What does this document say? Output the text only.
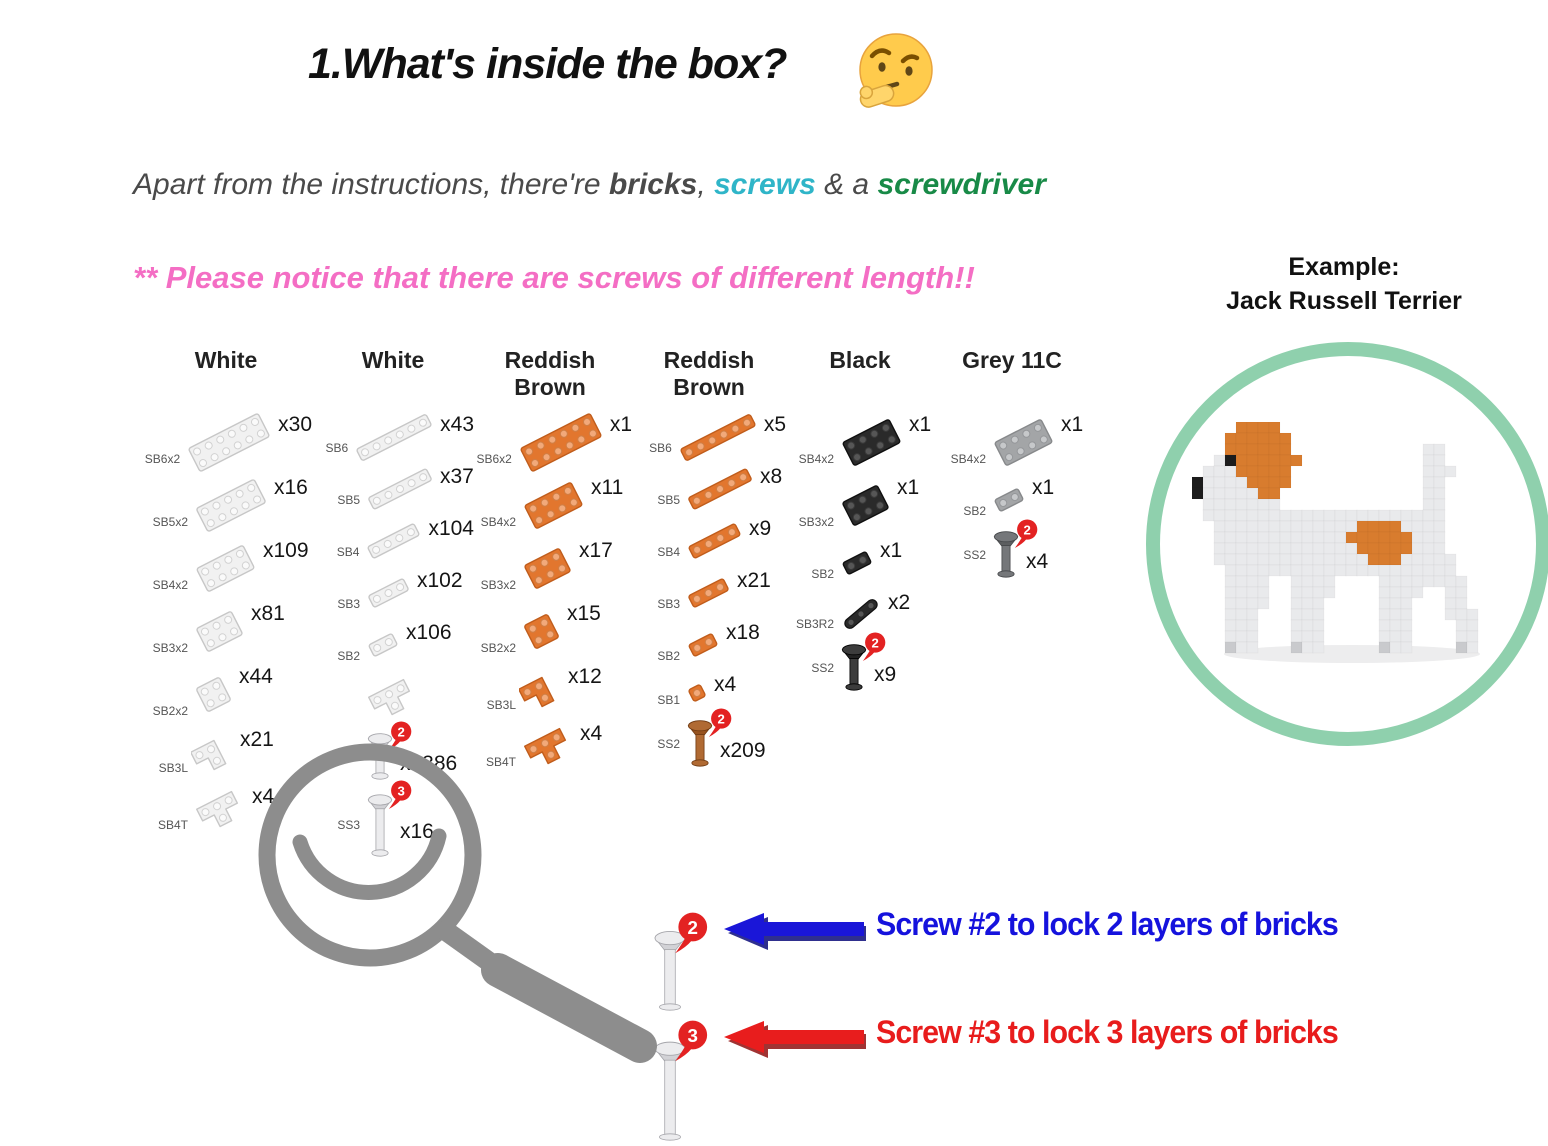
1.What's inside the box?
Apart from the instructions, there're bricks, screws & a screwdriver
** Please notice that there are screws of different length!!	Example:
Jack Russell Terrier
White
SB6x2
x30
SB5x2
x16
SB4x2
x109
SB3x2
x81
SB2x2
x44
SB3L
x21
SB4T
x4
White
SB6
x43
SB5
x37
SB4
x104
SB3
x102
SB2
x106
SS2
2
x1386
SS3
3
x16
Reddish Brown
SB6x2
x1
SB4x2
x11
SB3x2
x17
SB2x2
x15
SB3L
x12
SB4T
x4
Reddish Brown
SB6
x5
SB5
x8
SB4
x9
SB3
x21
SB2
x18
SB1
x4
SS2
2
x209
Black
SB4x2
x1
SB3x2
x1
SB2
x1
SB3R2
x2
SS2
2
x9
Grey 11C
SB4x2
x1
SB2
x1
SS2
2
x4
2	Screw #2 to lock 2 layers of bricks
3	Screw #3 to lock 3 layers of bricks
